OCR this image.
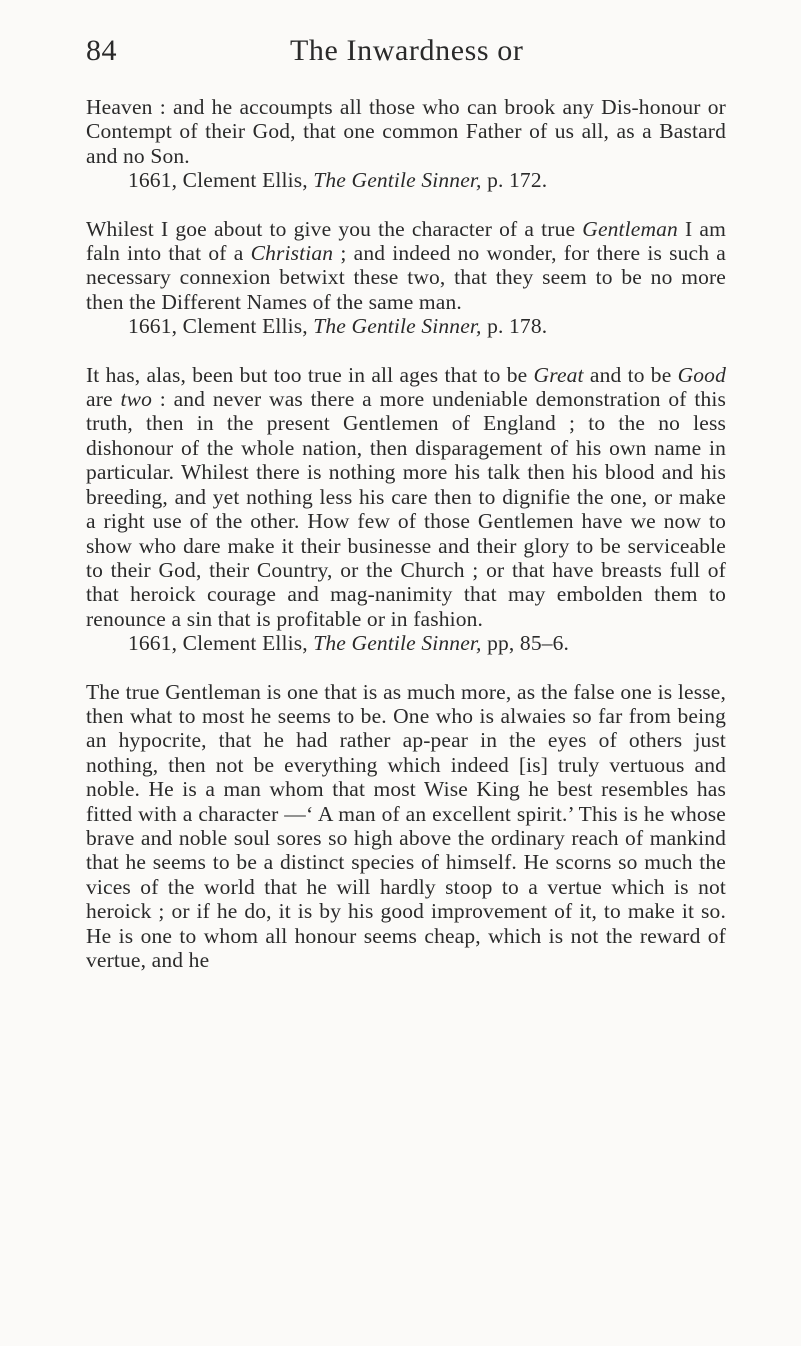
84	The Inwardness or

Heaven : and he accoumpts all those who can brook any Dis-honour or Contempt of their God, that one common Father of us all, as a Bastard and no Son.

1661, Clement Ellis, The Gentile Sinner, p. 172.

Whilest I goe about to give you the character of a true Gentleman I am faln into that of a Christian ; and indeed no wonder, for there is such a necessary connexion betwixt these two, that they seem to be no more then the Different Names of the same man.

1661, Clement Ellis, The Gentile Sinner, p. 178.

It has, alas, been but too true in all ages that to be Great and to be Good are two : and never was there a more undeniable demonstration of this truth, then in the present Gentlemen of England ; to the no less dishonour of the whole nation, then disparagement of his own name in particular. Whilest there is nothing more his talk then his blood and his breeding, and yet nothing less his care then to dignifie the one, or make a right use of the other. How few of those Gentlemen have we now to show who dare make it their businesse and their glory to be serviceable to their God, their Country, or the Church ; or that have breasts full of that heroick courage and mag-nanimity that may embolden them to renounce a sin that is profitable or in fashion.

1661, Clement Ellis, The Gentile Sinner, pp, 85–6.

The true Gentleman is one that is as much more, as the false one is lesse, then what to most he seems to be. One who is alwaies so far from being an hypocrite, that he had rather ap-pear in the eyes of others just nothing, then not be everything which indeed [is] truly vertuous and noble. He is a man whom that most Wise King he best resembles has fitted with a character —‘ A man of an excellent spirit.’ This is he whose brave and noble soul sores so high above the ordinary reach of mankind that he seems to be a distinct species of himself. He scorns so much the vices of the world that he will hardly stoop to a vertue which is not heroick ; or if he do, it is by his good improvement of it, to make it so. He is one to whom all honour seems cheap, which is not the reward of vertue, and he
